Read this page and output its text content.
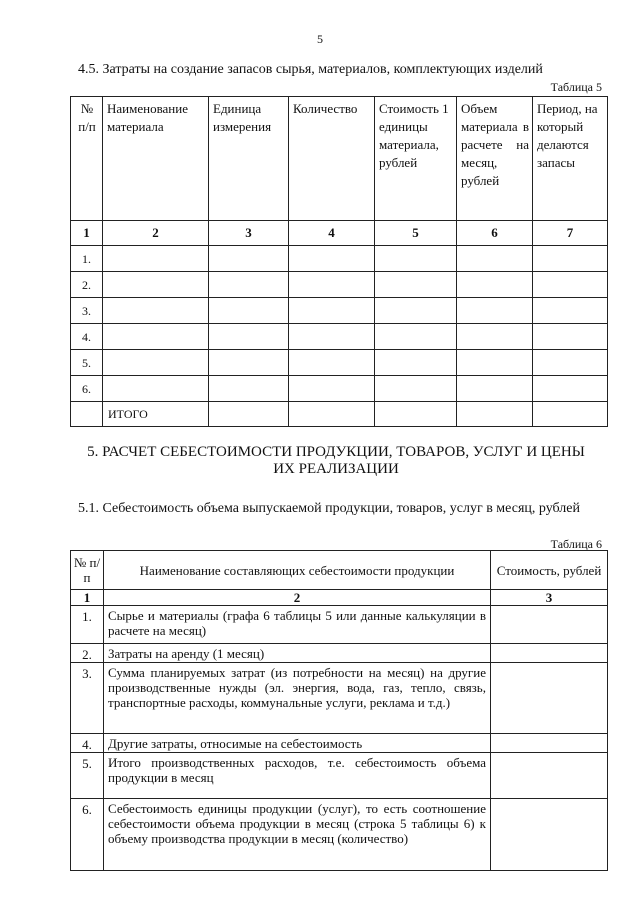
5
4.5. Затраты на создание запасов сырья, материалов, комплектующих изделий
Таблица 5
№ п/п	Наименование материала	Единица измерения	Количество	Стоимость 1 единицы материала, рублей	Объем материала в расчете на месяц, рублей	Период, на который делаются запасы
1	2	3	4	5	6	7
1.						
2.						
3.						
4.						
5.						
6.						
	ИТОГО					
5. РАСЧЕТ СЕБЕСТОИМОСТИ ПРОДУКЦИИ, ТОВАРОВ, УСЛУГ И ЦЕНЫ ИХ РЕАЛИЗАЦИИ
5.1. Себестоимость объема выпускаемой продукции, товаров, услуг в месяц, рублей
Таблица 6
№ п/п	Наименование составляющих себестоимости продукции	Стоимость, рублей
1	2	3
1.	Сырье и материалы (графа 6 таблицы 5 или данные калькуляции в расчете на месяц)	
2.	Затраты на аренду (1 месяц)	
3.	Сумма планируемых затрат (из потребности на месяц) на другие производственные нужды (эл. энергия, вода, газ, тепло, связь, транспортные расходы, коммунальные услуги, реклама и т.д.)	
4.	Другие затраты, относимые на себестоимость	
5.	Итого производственных расходов, т.е. себестоимость объема продукции в месяц	
6.	Себестоимость единицы продукции (услуг), то есть соотношение себестоимости объема продукции в месяц (строка 5 таблицы 6) к объему производства продукции в месяц (количество)	
